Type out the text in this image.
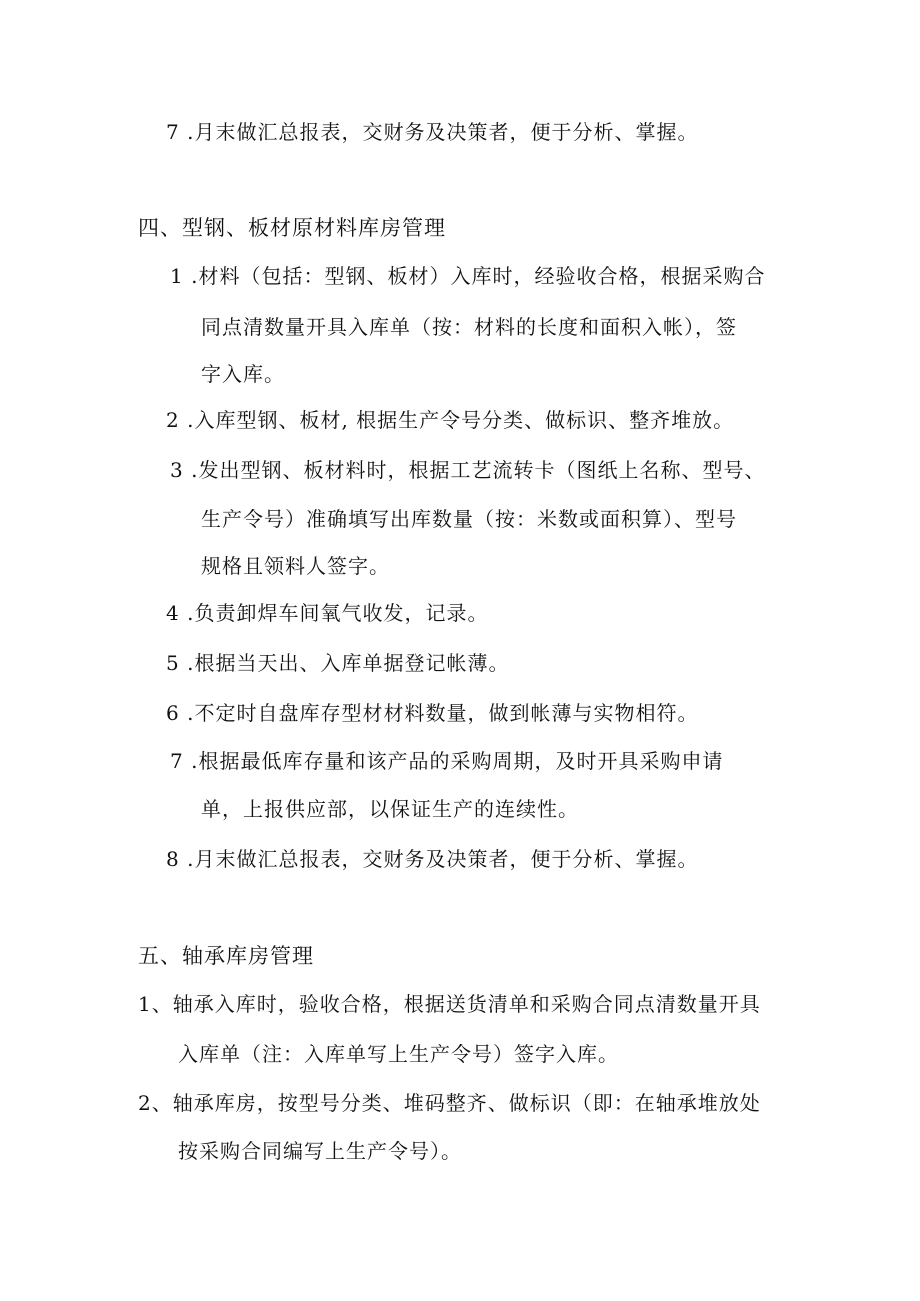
7 .月末做汇总报表，交财务及决策者，便于分析、掌握。
四、型钢、板材原材料库房管理
1 .材料（包括：型钢、板材）入库时，经验收合格，根据采购合
同点清数量开具入库单（按：材料的长度和面积入帐），签
字入库。
2 .入库型钢、板材, 根据生产令号分类、做标识、整齐堆放。
3 .发出型钢、板材料时，根据工艺流转卡（图纸上名称、型号、
生产令号）准确填写出库数量（按：米数或面积算）、型号
规格且领料人签字。
4 .负责卸焊车间氧气收发，记录。
5 .根据当天出、入库单据登记帐薄。
6 .不定时自盘库存型材材料数量，做到帐薄与实物相符。
7 .根据最低库存量和该产品的采购周期，及时开具采购申请
单，上报供应部，以保证生产的连续性。
8 .月末做汇总报表，交财务及决策者，便于分析、掌握。
五、轴承库房管理
1、轴承入库时，验收合格，根据送货清单和采购合同点清数量开具
入库单（注：入库单写上生产令号）签字入库。
2、轴承库房，按型号分类、堆码整齐、做标识（即：在轴承堆放处
按采购合同编写上生产令号）。
